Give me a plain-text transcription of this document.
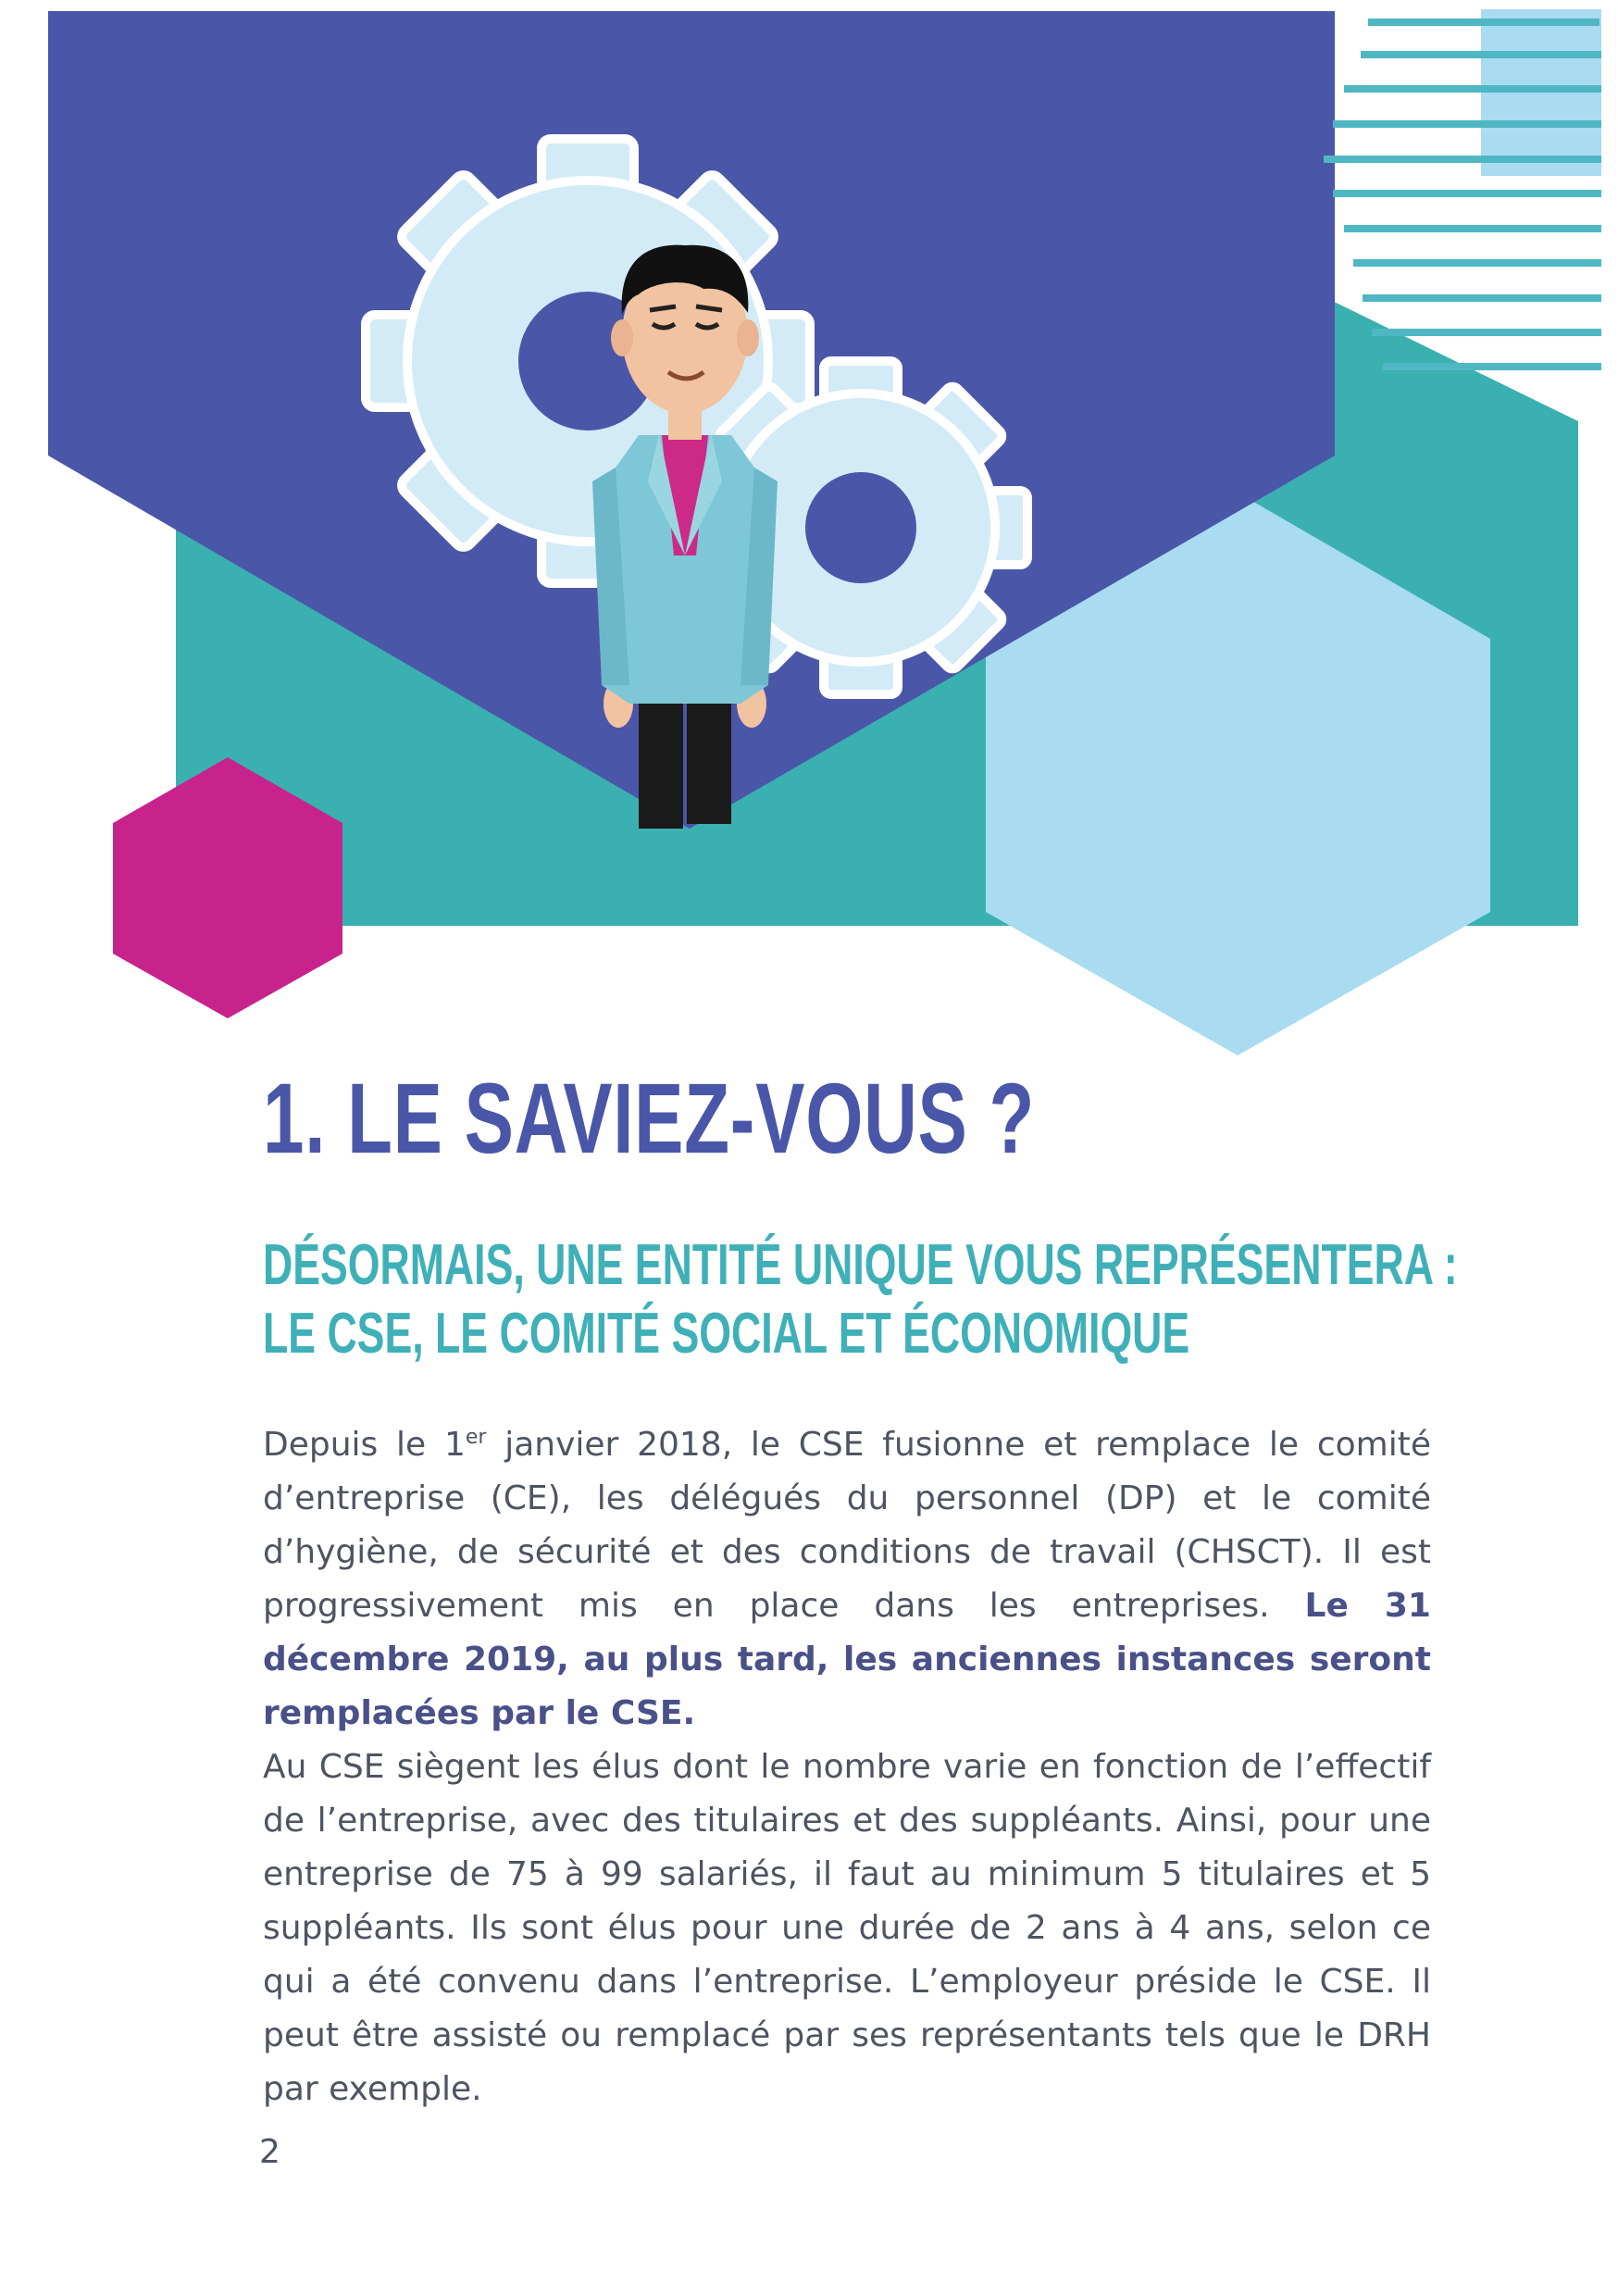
1. LE SAVIEZ-VOUS ?
DÉSORMAIS, UNE ENTITÉ UNIQUE VOUS REPRÉSENTERA :
LE CSE, LE COMITÉ SOCIAL ET ÉCONOMIQUE

Depuis le 1er janvier 2018, le CSE fusionne et remplace le comité d’entreprise (CE), les délégués du personnel (DP) et le comité d’hygiène, de sécurité et des conditions de travail (CHSCT). Il est progressivement mis en place dans les entreprises. Le 31 décembre 2019, au plus tard, les anciennes instances seront remplacées par le CSE.

Au CSE siègent les élus dont le nombre varie en fonction de l’effectif de l’entreprise, avec des titulaires et des suppléants. Ainsi, pour une entreprise de 75 à 99 salariés, il faut au minimum 5 titulaires et 5 suppléants. Ils sont élus pour une durée de 2 ans à 4 ans, selon ce qui a été convenu dans l’entreprise. L’employeur préside le CSE. Il peut être assisté ou remplacé par ses représentants tels que le DRH par exemple.

2
